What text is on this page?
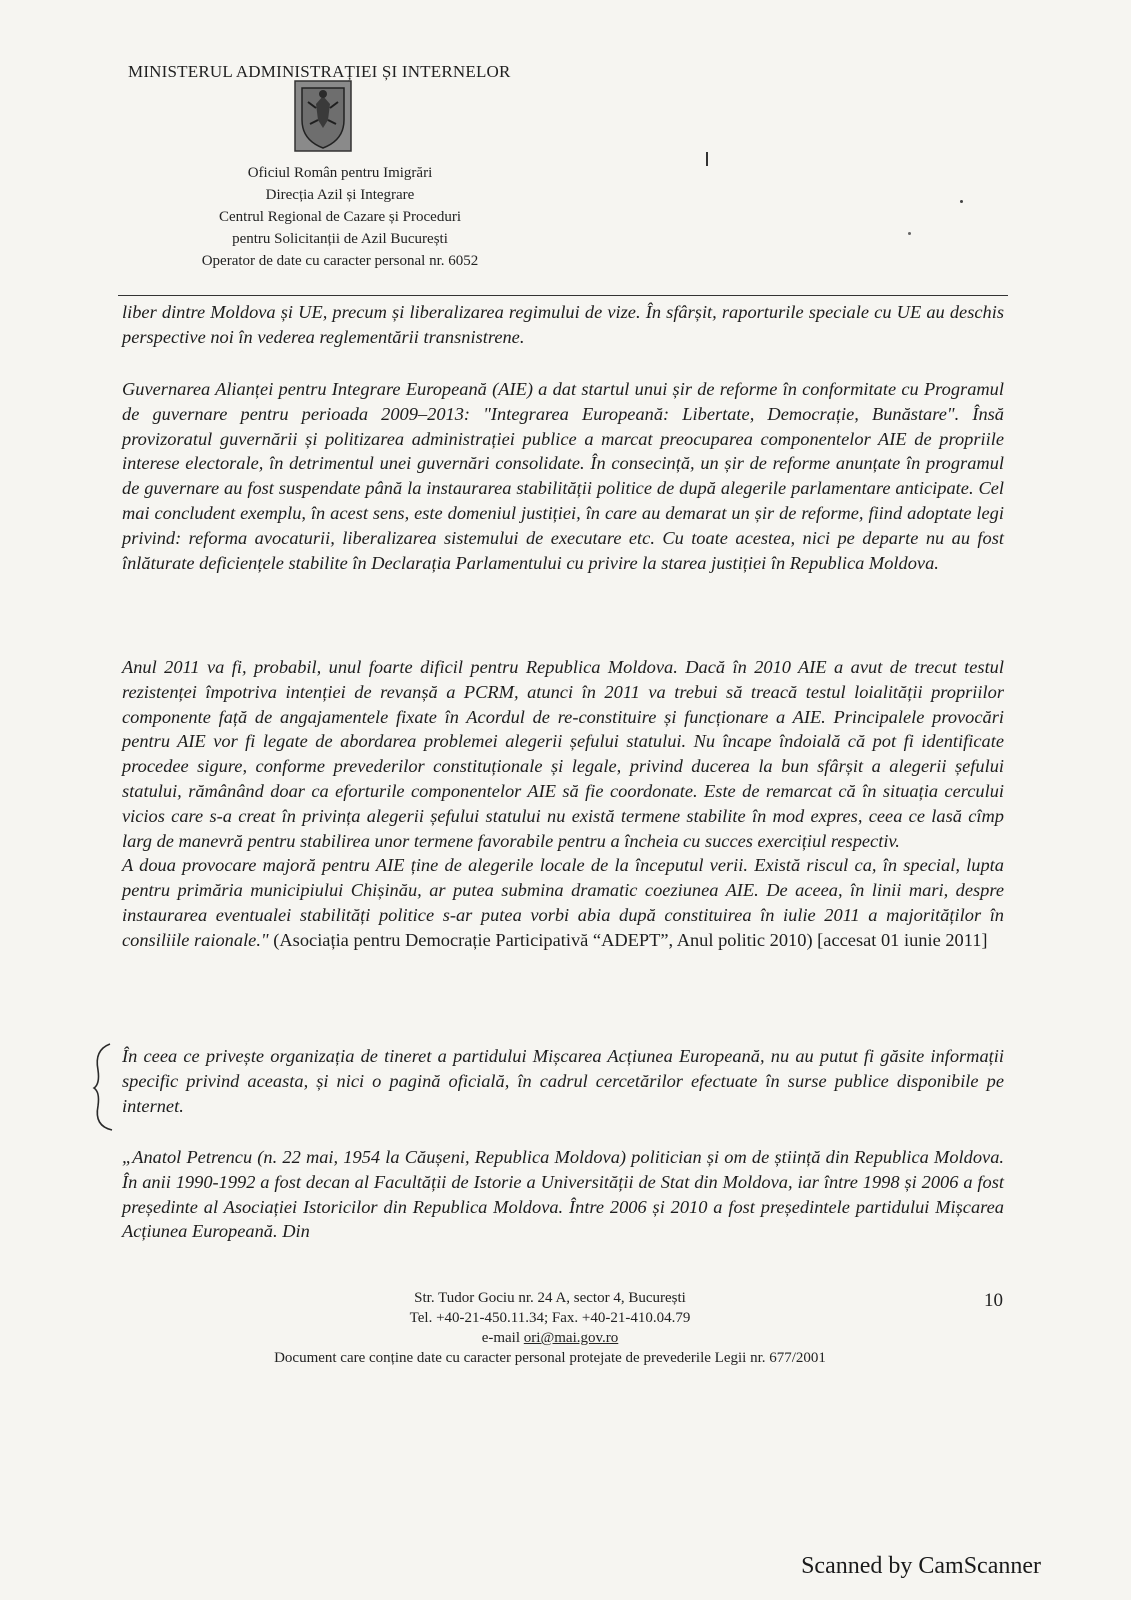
MINISTERUL ADMINISTRAȚIEI ȘI INTERNELOR
Oficiul Român pentru Imigrări
Direcția Azil și Integrare
Centrul Regional de Cazare și Proceduri
pentru Solicitanții de Azil București
Operator de date cu caracter personal nr. 6052
liber dintre Moldova și UE, precum și liberalizarea regimului de vize. În sfârșit, raporturile speciale cu UE au deschis perspective noi în vederea reglementării transnistrene.
Guvernarea Alianței pentru Integrare Europeană (AIE) a dat startul unui șir de reforme în conformitate cu Programul de guvernare pentru perioada 2009–2013: "Integrarea Europeană: Libertate, Democrație, Bunăstare". Însă provizoratul guvernării și politizarea administrației publice a marcat preocuparea componentelor AIE de propriile interese electorale, în detrimentul unei guvernări consolidate. În consecință, un șir de reforme anunțate în programul de guvernare au fost suspendate până la instaurarea stabilității politice de după alegerile parlamentare anticipate. Cel mai concludent exemplu, în acest sens, este domeniul justiției, în care au demarat un șir de reforme, fiind adoptate legi privind: reforma avocaturii, liberalizarea sistemului de executare etc. Cu toate acestea, nici pe departe nu au fost înlăturate deficiențele stabilite în Declarația Parlamentului cu privire la starea justiției în Republica Moldova.
Anul 2011 va fi, probabil, unul foarte dificil pentru Republica Moldova. Dacă în 2010 AIE a avut de trecut testul rezistenței împotriva intenției de revanșă a PCRM, atunci în 2011 va trebui să treacă testul loialității propriilor componente față de angajamentele fixate în Acordul de re-constituire și funcționare a AIE. Principalele provocări pentru AIE vor fi legate de abordarea problemei alegerii șefului statului. Nu încape îndoială că pot fi identificate procedee sigure, conforme prevederilor constituționale și legale, privind ducerea la bun sfârșit a alegerii șefului statului, rămânând doar ca eforturile componentelor AIE să fie coordonate. Este de remarcat că în situația cercului vicios care s-a creat în privința alegerii șefului statului nu există termene stabilite în mod expres, ceea ce lasă cîmp larg de manevră pentru stabilirea unor termene favorabile pentru a încheia cu succes exercițiul respectiv.
A doua provocare majoră pentru AIE ține de alegerile locale de la începutul verii. Există riscul ca, în special, lupta pentru primăria municipiului Chișinău, ar putea submina dramatic coeziunea AIE. De aceea, în linii mari, despre instaurarea eventualei stabilități politice s-ar putea vorbi abia după constituirea în iulie 2011 a majorităților în consiliile raionale." (Asociația pentru Democrație Participativă “ADEPT”, Anul politic 2010) [accesat 01 iunie 2011]
În ceea ce privește organizația de tineret a partidului Mișcarea Acțiunea Europeană, nu au putut fi găsite informații specific privind aceasta, și nici o pagină oficială, în cadrul cercetărilor efectuate în surse publice disponibile pe internet.
„Anatol Petrencu (n. 22 mai, 1954 la Căușeni, Republica Moldova) politician și om de știință din Republica Moldova. În anii 1990-1992 a fost decan al Facultății de Istorie a Universității de Stat din Moldova, iar între 1998 și 2006 a fost președinte al Asociației Istoricilor din Republica Moldova. Între 2006 și 2010 a fost președintele partidului Mișcarea Acțiunea Europeană. Din
Str. Tudor Gociu nr. 24 A, sector 4, București
Tel. +40-21-450.11.34; Fax. +40-21-410.04.79
e-mail ori@mai.gov.ro
Document care conține date cu caracter personal protejate de prevederile Legii nr. 677/2001
10
Scanned by CamScanner
